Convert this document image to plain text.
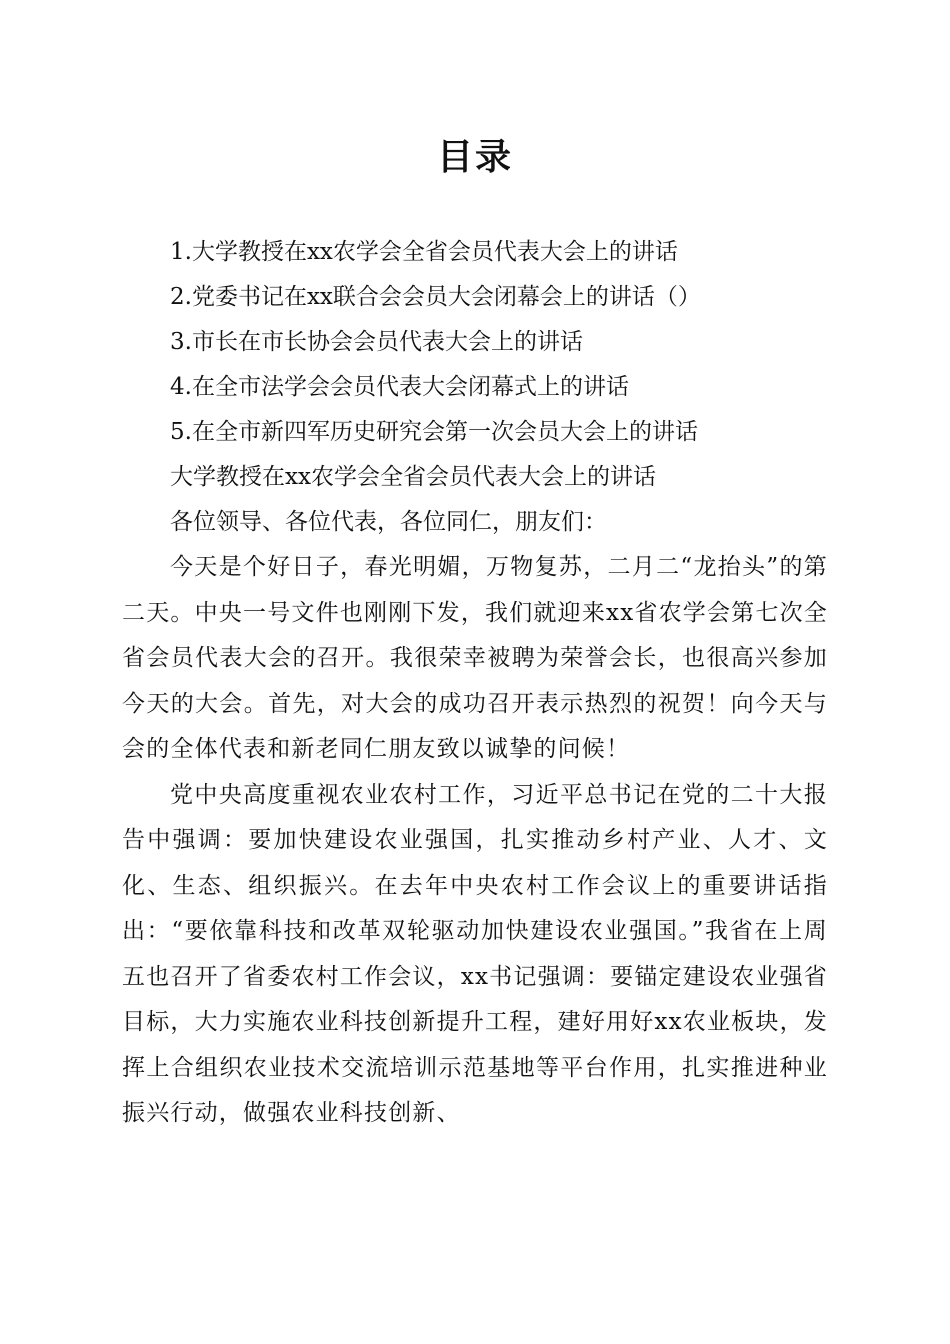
目录
1.大学教授在xx农学会全省会员代表大会上的讲话
2.党委书记在xx联合会会员大会闭幕会上的讲话（）
3.市长在市长协会会员代表大会上的讲话
4.在全市法学会会员代表大会闭幕式上的讲话
5.在全市新四军历史研究会第一次会员大会上的讲话
大学教授在xx农学会全省会员代表大会上的讲话
各位领导、各位代表，各位同仁，朋友们：

今天是个好日子，春光明媚，万物复苏，二月二“龙抬头”的第二天。中央一号文件也刚刚下发，我们就迎来xx省农学会第七次全省会员代表大会的召开。我很荣幸被聘为荣誉会长，也很高兴参加今天的大会。首先，对大会的成功召开表示热烈的祝贺！向今天与会的全体代表和新老同仁朋友致以诚挚的问候！

党中央高度重视农业农村工作，习近平总书记在党的二十大报告中强调：要加快建设农业强国，扎实推动乡村产业、人才、文化、生态、组织振兴。在去年中央农村工作会议上的重要讲话指出：“要依靠科技和改革双轮驱动加快建设农业强国。”我省在上周五也召开了省委农村工作会议，xx书记强调：要锚定建设农业强省目标，大力实施农业科技创新提升工程，建好用好xx农业板块，发挥上合组织农业技术交流培训示范基地等平台作用，扎实推进种业振兴行动，做强农业科技创新、
